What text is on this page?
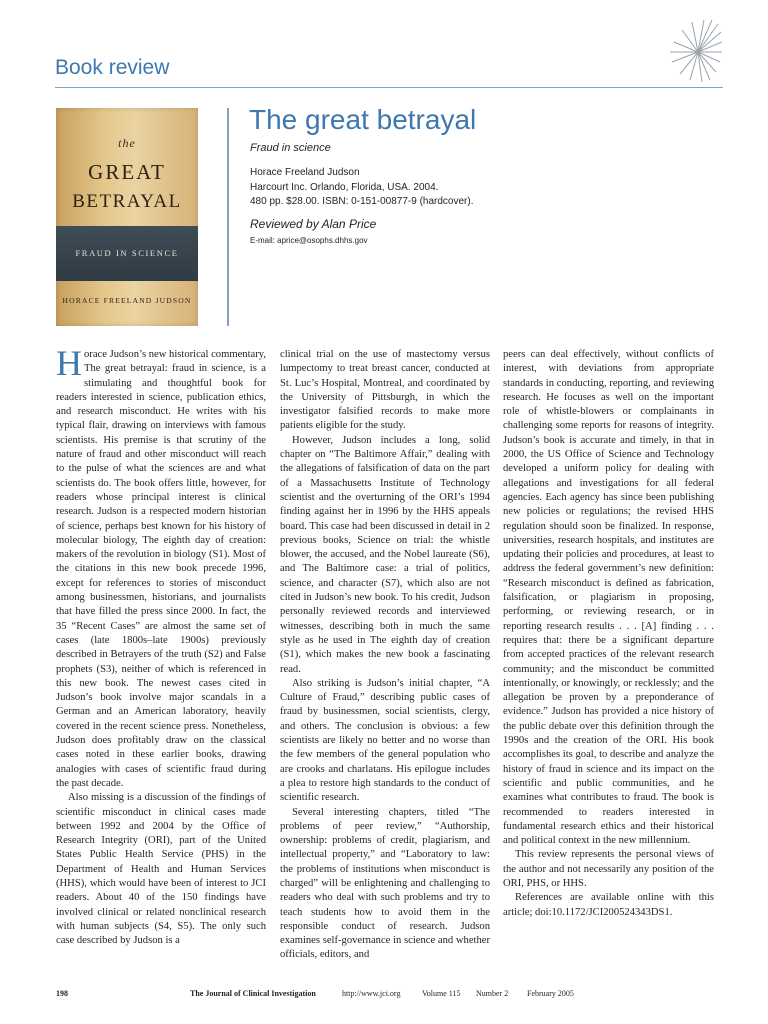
Book review
the
GREAT
BETRAYAL
FRAUD IN SCIENCE
HORACE FREELAND JUDSON
The great betrayal
Fraud in science
Horace Freeland Judson
Harcourt Inc. Orlando, Florida, USA. 2004.
480 pp. $28.00. ISBN: 0-151-00877-9 (hardcover).
Reviewed by Alan Price
E-mail: aprice@osophs.dhhs.gov

Horace Judson’s new historical commentary, The great betrayal: fraud in science, is a stimulating and thoughtful book for readers interested in science, publication ethics, and research misconduct. He writes with his typical flair, drawing on interviews with famous scientists. His premise is that scrutiny of the nature of fraud and other misconduct will reach to the pulse of what the sciences are and what scientists do. The book offers little, however, for readers whose principal interest is clinical research. Judson is a respected modern historian of science, perhaps best known for his history of molecular biology, The eighth day of creation: makers of the revolution in biology (S1). Most of the citations in this new book precede 1996, except for references to stories of misconduct among businessmen, historians, and journalists that have filled the press since 2000. In fact, the 35 “Recent Cases” are almost the same set of cases (late 1800s–late 1900s) previously described in Betrayers of the truth (S2) and False prophets (S3), neither of which is referenced in this new book. The newest cases cited in Judson’s book involve major scandals in a German and an American laboratory, heavily covered in the recent science press. Nonetheless, Judson does profitably draw on the classical cases noted in these earlier books, drawing analogies with cases of scientific fraud during the past decade.

Also missing is a discussion of the findings of scientific misconduct in clinical cases made between 1992 and 2004 by the Office of Research Integrity (ORI), part of the United States Public Health Service (PHS) in the Department of Health and Human Services (HHS), which would have been of interest to JCI readers. About 40 of the 150 findings have involved clinical or related nonclinical research with human subjects (S4, S5). The only such case described by Judson is a

clinical trial on the use of mastectomy versus lumpectomy to treat breast cancer, conducted at St. Luc’s Hospital, Montreal, and coordinated by the University of Pittsburgh, in which the investigator falsified records to make more patients eligible for the study.

However, Judson includes a long, solid chapter on “The Baltimore Affair,” dealing with the allegations of falsification of data on the part of a Massachusetts Institute of Technology scientist and the overturning of the ORI’s 1994 finding against her in 1996 by the HHS appeals board. This case had been discussed in detail in 2 previous books, Science on trial: the whistle blower, the accused, and the Nobel laureate (S6), and The Baltimore case: a trial of politics, science, and character (S7), which also are not cited in Judson’s new book. To his credit, Judson personally reviewed records and interviewed witnesses, describing both in much the same style as he used in The eighth day of creation (S1), which makes the new book a fascinating read.

Also striking is Judson’s initial chapter, “A Culture of Fraud,” describing public cases of fraud by businessmen, social scientists, clergy, and others. The conclusion is obvious: a few scientists are likely no better and no worse than the few members of the general population who are crooks and charlatans. His epilogue includes a plea to restore high standards to the conduct of scientific research.

Several interesting chapters, titled “The problems of peer review,” “Authorship, ownership: problems of credit, plagiarism, and intellectual property,” and “Laboratory to law: the problems of institutions when misconduct is charged” will be enlightening and challenging to readers who deal with such problems and try to teach students how to avoid them in the responsible conduct of research. Judson examines self-governance in science and whether officials, editors, and

peers can deal effectively, without conflicts of interest, with deviations from appropriate standards in conducting, reporting, and reviewing research. He focuses as well on the important role of whistle-blowers or complainants in challenging some reports for reasons of integrity. Judson’s book is accurate and timely, in that in 2000, the US Office of Science and Technology developed a uniform policy for dealing with allegations and investigations for all federal agencies. Each agency has since been publishing new policies or regulations; the revised HHS regulation should soon be finalized. In response, universities, research hospitals, and institutes are updating their policies and procedures, at least to address the federal government’s new definition: “Research misconduct is defined as fabrication, falsification, or plagiarism in proposing, performing, or reviewing research, or in reporting research results . . . [A] finding . . . requires that: there be a significant departure from accepted practices of the relevant research community; and the misconduct be committed intentionally, or knowingly, or recklessly; and the allegation be proven by a preponderance of evidence.” Judson has provided a nice history of the public debate over this definition through the 1990s and the creation of the ORI. His book accomplishes its goal, to describe and analyze the history of fraud in science and its impact on the scientific and public communities, and he examines what contributes to fraud. The book is recommended to readers interested in fundamental research ethics and their historical and political context in the new millennium.

This review represents the personal views of the author and not necessarily any position of the ORI, PHS, or HHS.

References are available online with this article; doi:10.1172/JCI200524343DS1.

198	The Journal of Clinical Investigation	http://www.jci.org	Volume 115 Number 2 February 2005
